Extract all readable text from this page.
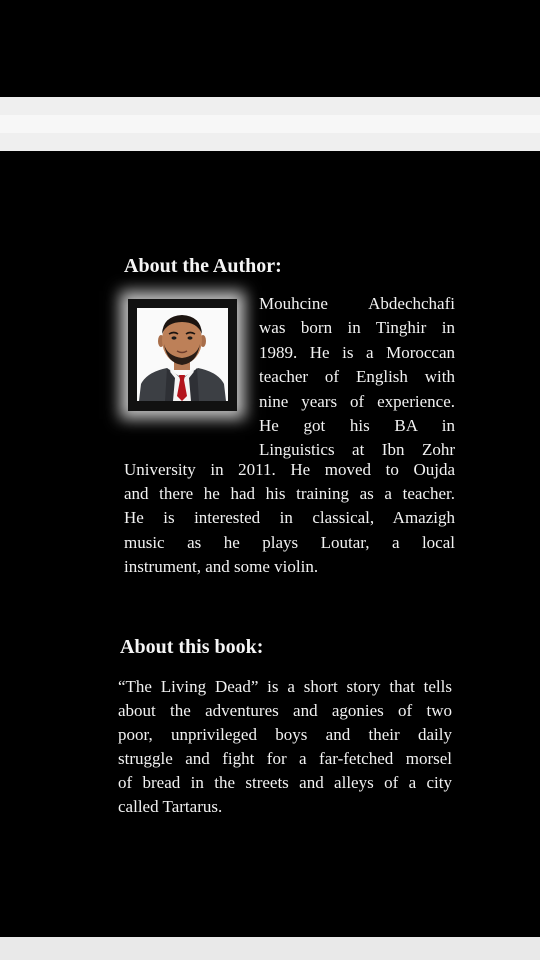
About the Author:
Mouhcine Abdechchafi
was born in Tinghir in
1989. He is a Moroccan
teacher of English with
nine years of experience.
He got his BA in
Linguistics at Ibn Zohr
University in 2011. He moved to Oujda
and there he had his training as a teacher.
He is interested in classical, Amazigh
music as he plays Loutar, a local
instrument, and some violin.
About this book:
“The Living Dead” is a short story that tells
about the adventures and agonies of two
poor, unprivileged boys and their daily
struggle and fight for a far-fetched morsel
of bread in the streets and alleys of a city
called Tartarus.
